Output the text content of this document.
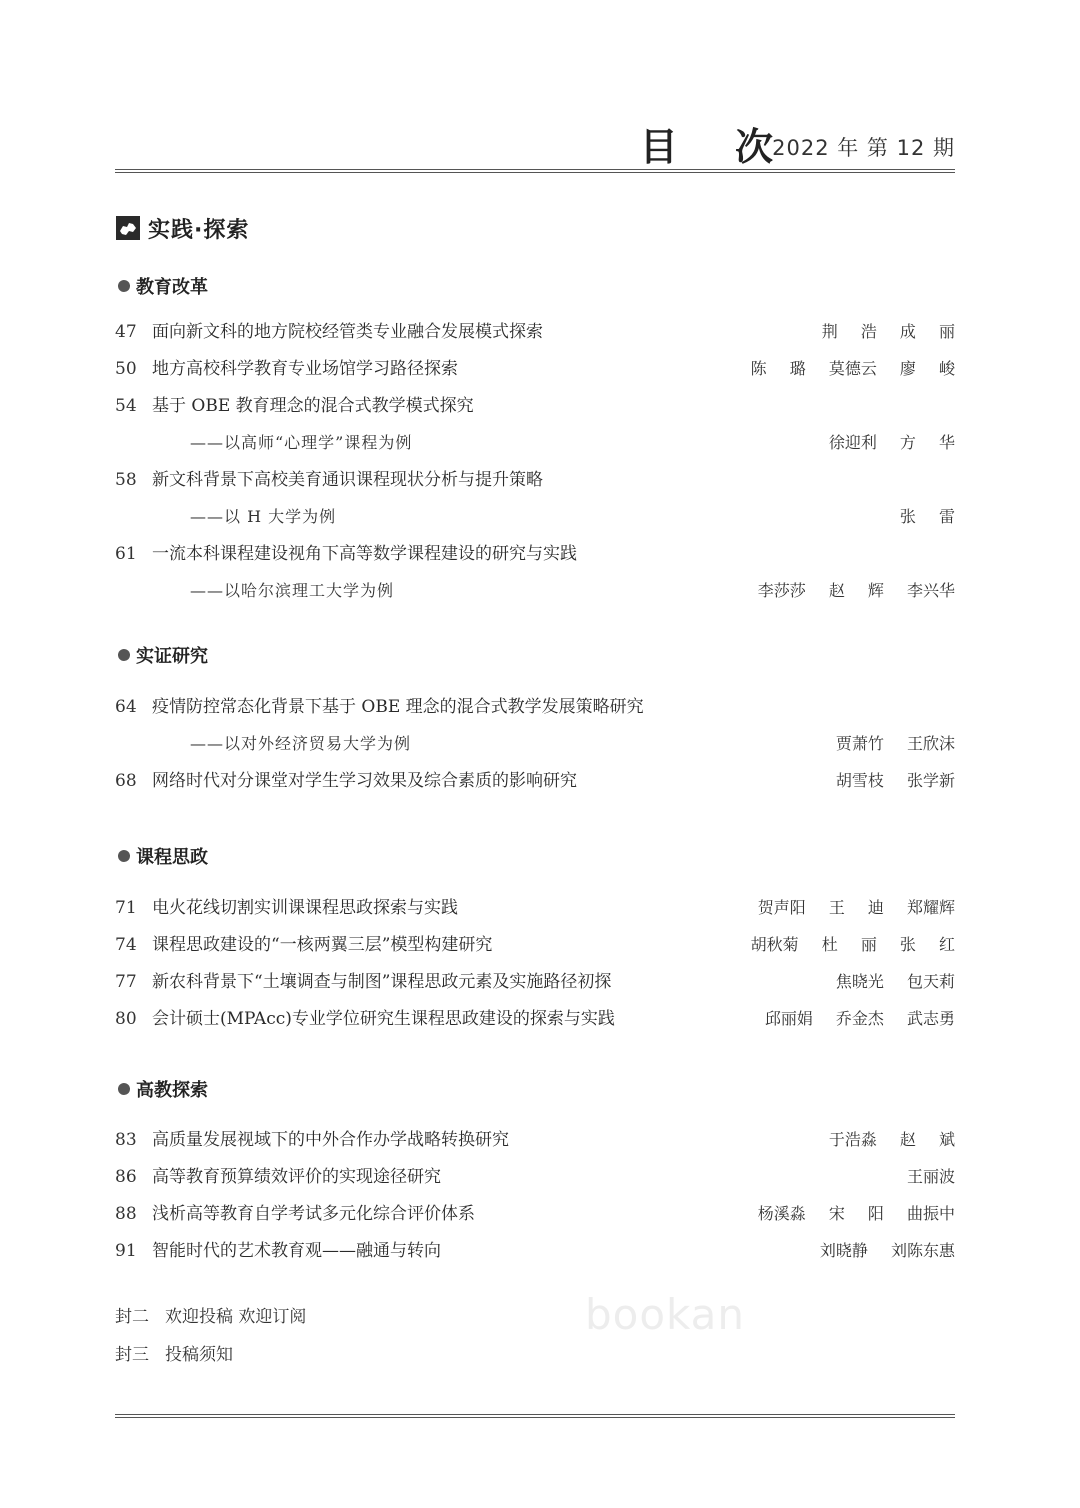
目 次
2022 年 第 12 期
实践·探索
教育改革
47 面向新文科的地方院校经管类专业融合发展模式探索	荆 浩 成 丽
50 地方高校科学教育专业场馆学习路径探索	陈 璐 莫德云 廖 峻
54 基于 OBE 教育理念的混合式教学模式探究
——以高师“心理学”课程为例	徐迎利 方 华
58 新文科背景下高校美育通识课程现状分析与提升策略
——以 H 大学为例	张 雷
61 一流本科课程建设视角下高等数学课程建设的研究与实践
——以哈尔滨理工大学为例	李莎莎 赵 辉 李兴华
实证研究
64 疫情防控常态化背景下基于 OBE 理念的混合式教学发展策略研究
——以对外经济贸易大学为例	贾萧竹 王欣沫
68 网络时代对分课堂对学生学习效果及综合素质的影响研究	胡雪枝 张学新
课程思政
71 电火花线切割实训课课程思政探索与实践	贺声阳 王 迪 郑耀辉
74 课程思政建设的“一核两翼三层”模型构建研究	胡秋菊 杜 丽 张 红
77 新农科背景下“土壤调查与制图”课程思政元素及实施路径初探	焦晓光 包天莉
80 会计硕士(MPAcc)专业学位研究生课程思政建设的探索与实践	邱丽娟 乔金杰 武志勇
高教探索
83 高质量发展视域下的中外合作办学战略转换研究	于浩淼 赵 斌
86 高等教育预算绩效评价的实现途径研究	王丽波
88 浅析高等教育自学考试多元化综合评价体系	杨溪淼 宋 阳 曲振中
91 智能时代的艺术教育观——融通与转向	刘晓静 刘陈东惠
封二 欢迎投稿 欢迎订阅
封三 投稿须知
bookan
